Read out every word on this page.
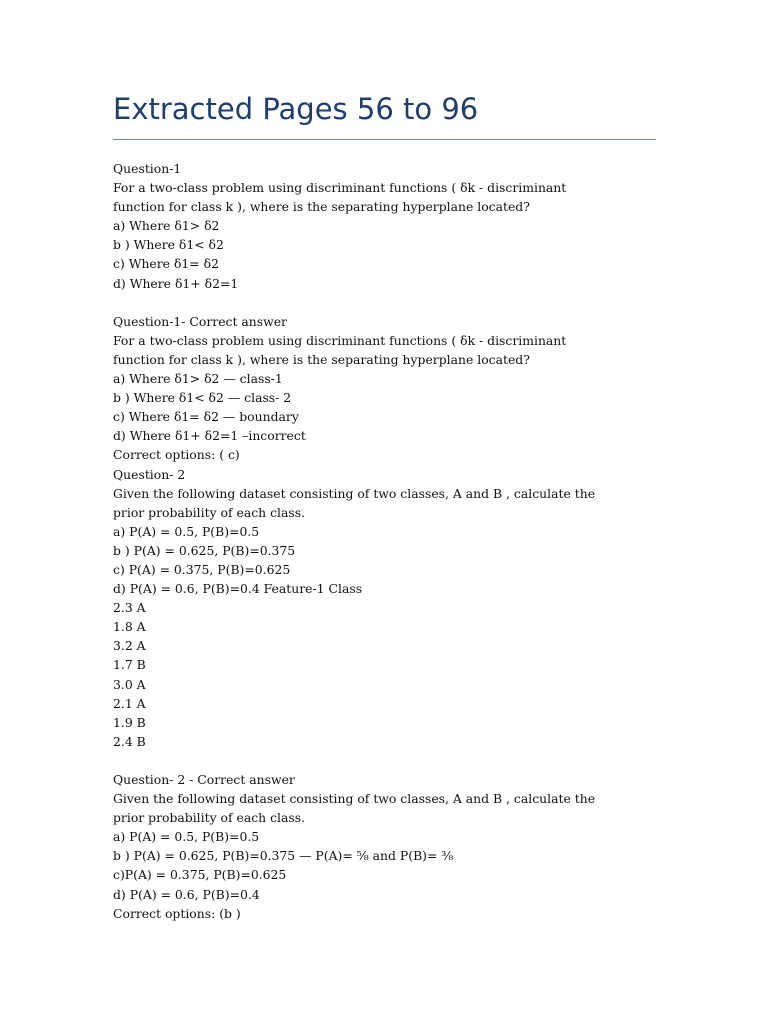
Extracted Pages 56 to 96
Question-1
For a two-class problem using discriminant functions ( δk - discriminant
function for class k ), where is the separating hyperplane located?
a) Where δ1> δ2
b ) Where δ1< δ2
c) Where δ1= δ2
d) Where δ1+ δ2=1
Question-1- Correct answer
For a two-class problem using discriminant functions ( δk - discriminant
function for class k ), where is the separating hyperplane located?
a) Where δ1> δ2 — class-1
b ) Where δ1< δ2 — class- 2
c) Where δ1= δ2 — boundary
d) Where δ1+ δ2=1 –incorrect
Correct options: ( c)
Question- 2
Given the following dataset consisting of two classes, A and B , calculate the
prior probability of each class.
a) P(A) = 0.5, P(B)=0.5
b ) P(A) = 0.625, P(B)=0.375
c) P(A) = 0.375, P(B)=0.625
d) P(A) = 0.6, P(B)=0.4 Feature-1 Class
2.3 A
1.8 A
3.2 A
1.7 B
3.0 A
2.1 A
1.9 B
2.4 B
Question- 2 - Correct answer
Given the following dataset consisting of two classes, A and B , calculate the
prior probability of each class.
a) P(A) = 0.5, P(B)=0.5
b ) P(A) = 0.625, P(B)=0.375 — P(A)= ⅝ and P(B)= ⅜
c)P(A) = 0.375, P(B)=0.625
d) P(A) = 0.6, P(B)=0.4
Correct options: (b )
